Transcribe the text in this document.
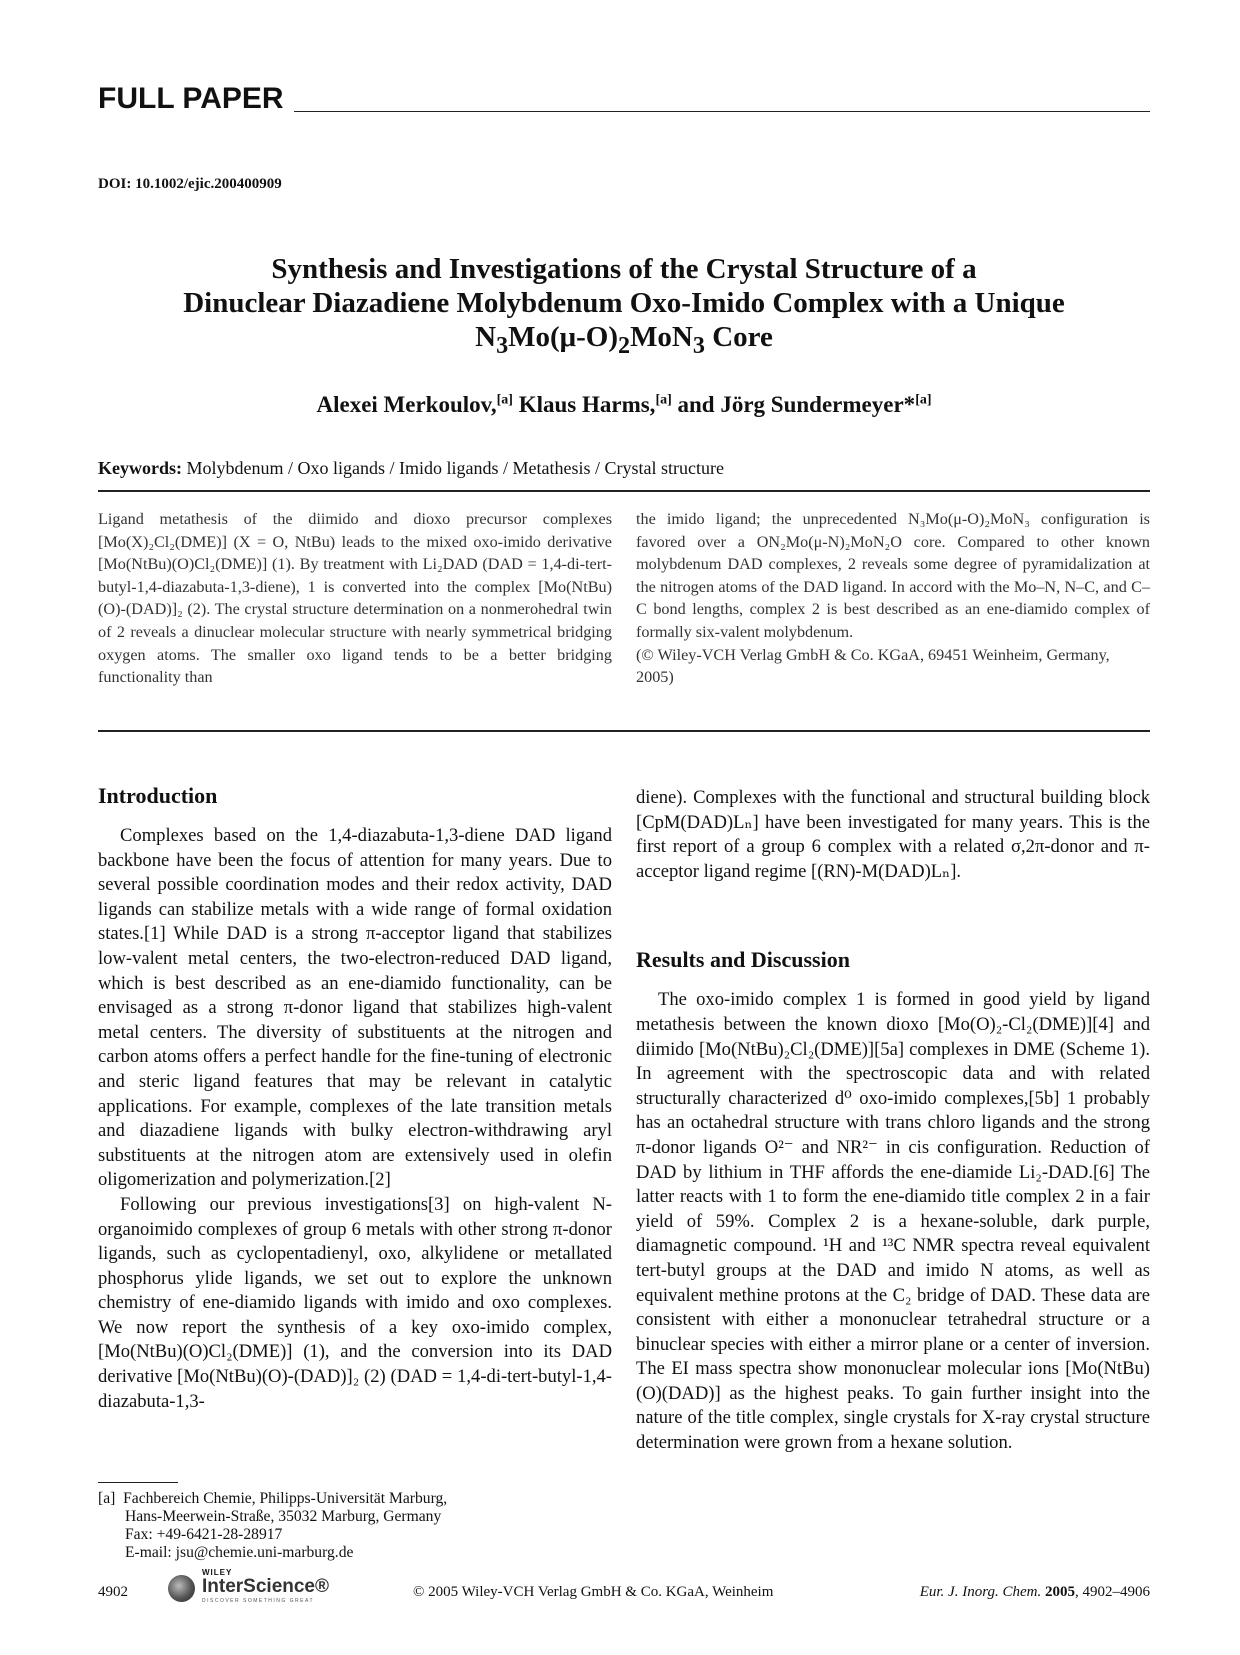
FULL PAPER
DOI: 10.1002/ejic.200400909
Synthesis and Investigations of the Crystal Structure of a
Dinuclear Diazadiene Molybdenum Oxo-Imido Complex with a Unique
$N_3Mo(\mu-O)_2MoN_3$ Core
Alexei Merkoulov,[a] Klaus Harms,[a] and Jörg Sundermeyer*[a]
Keywords: Molybdenum / Oxo ligands / Imido ligands / Metathesis / Crystal structure

Ligand metathesis of the diimido and dioxo precursor complexes [Mo(X)₂Cl₂(DME)] (X = O, NtBu) leads to the mixed oxo-imido derivative [Mo(NtBu)(O)Cl₂(DME)] (1). By treatment with Li₂DAD (DAD = 1,4-di-tert-butyl-1,4-diazabuta-1,3-diene), 1 is converted into the complex [Mo(NtBu)(O)-(DAD)]₂ (2). The crystal structure determination on a nonmerohedral twin of 2 reveals a dinuclear molecular structure with nearly symmetrical bridging oxygen atoms. The smaller oxo ligand tends to be a better bridging functionality than

the imido ligand; the unprecedented N₃Mo(μ-O)₂MoN₃ configuration is favored over a ON₂Mo(μ-N)₂MoN₂O core. Compared to other known molybdenum DAD complexes, 2 reveals some degree of pyramidalization at the nitrogen atoms of the DAD ligand. In accord with the Mo–N, N–C, and C–C bond lengths, complex 2 is best described as an ene-diamido complex of formally six-valent molybdenum.

(© Wiley-VCH Verlag GmbH & Co. KGaA, 69451 Weinheim, Germany, 2005)

Introduction

Complexes based on the 1,4-diazabuta-1,3-diene DAD ligand backbone have been the focus of attention for many years. Due to several possible coordination modes and their redox activity, DAD ligands can stabilize metals with a wide range of formal oxidation states.[1] While DAD is a strong π-acceptor ligand that stabilizes low-valent metal centers, the two-electron-reduced DAD ligand, which is best described as an ene-diamido functionality, can be envisaged as a strong π-donor ligand that stabilizes high-valent metal centers. The diversity of substituents at the nitrogen and carbon atoms offers a perfect handle for the fine-tuning of electronic and steric ligand features that may be relevant in catalytic applications. For example, complexes of the late transition metals and diazadiene ligands with bulky electron-withdrawing aryl substituents at the nitrogen atom are extensively used in olefin oligomerization and polymerization.[2]

Following our previous investigations[3] on high-valent N-organoimido complexes of group 6 metals with other strong π-donor ligands, such as cyclopentadienyl, oxo, alkylidene or metallated phosphorus ylide ligands, we set out to explore the unknown chemistry of ene-diamido ligands with imido and oxo complexes. We now report the synthesis of a key oxo-imido complex, [Mo(NtBu)(O)Cl₂(DME)] (1), and the conversion into its DAD derivative [Mo(NtBu)(O)-(DAD)]₂ (2) (DAD = 1,4-di-tert-butyl-1,4-diazabuta-1,3-

diene). Complexes with the functional and structural building block [CpM(DAD)Lₙ] have been investigated for many years. This is the first report of a group 6 complex with a related σ,2π-donor and π-acceptor ligand regime [(RN)-M(DAD)Lₙ].

Results and Discussion

The oxo-imido complex 1 is formed in good yield by ligand metathesis between the known dioxo [Mo(O)₂-Cl₂(DME)][4] and diimido [Mo(NtBu)₂Cl₂(DME)][5a] complexes in DME (Scheme 1). In agreement with the spectroscopic data and with related structurally characterized d⁰ oxo-imido complexes,[5b] 1 probably has an octahedral structure with trans chloro ligands and the strong π-donor ligands O²⁻ and NR²⁻ in cis configuration. Reduction of DAD by lithium in THF affords the ene-diamide Li₂-DAD.[6] The latter reacts with 1 to form the ene-diamido title complex 2 in a fair yield of 59%. Complex 2 is a hexane-soluble, dark purple, diamagnetic compound. ¹H and ¹³C NMR spectra reveal equivalent tert-butyl groups at the DAD and imido N atoms, as well as equivalent methine protons at the C₂ bridge of DAD. These data are consistent with either a mononuclear tetrahedral structure or a binuclear species with either a mirror plane or a center of inversion. The EI mass spectra show mononuclear molecular ions [Mo(NtBu)(O)(DAD)] as the highest peaks. To gain further insight into the nature of the title complex, single crystals for X-ray crystal structure determination were grown from a hexane solution.

[a] Fachbereich Chemie, Philipps-Universität Marburg,
Hans-Meerwein-Straße, 35032 Marburg, Germany
Fax: +49-6421-28-28917
E-mail: jsu@chemie.uni-marburg.de
4902
WILEY
InterScience®
DISCOVER SOMETHING GREAT
© 2005 Wiley-VCH Verlag GmbH & Co. KGaA, Weinheim	Eur. J. Inorg. Chem. 2005, 4902–4906
